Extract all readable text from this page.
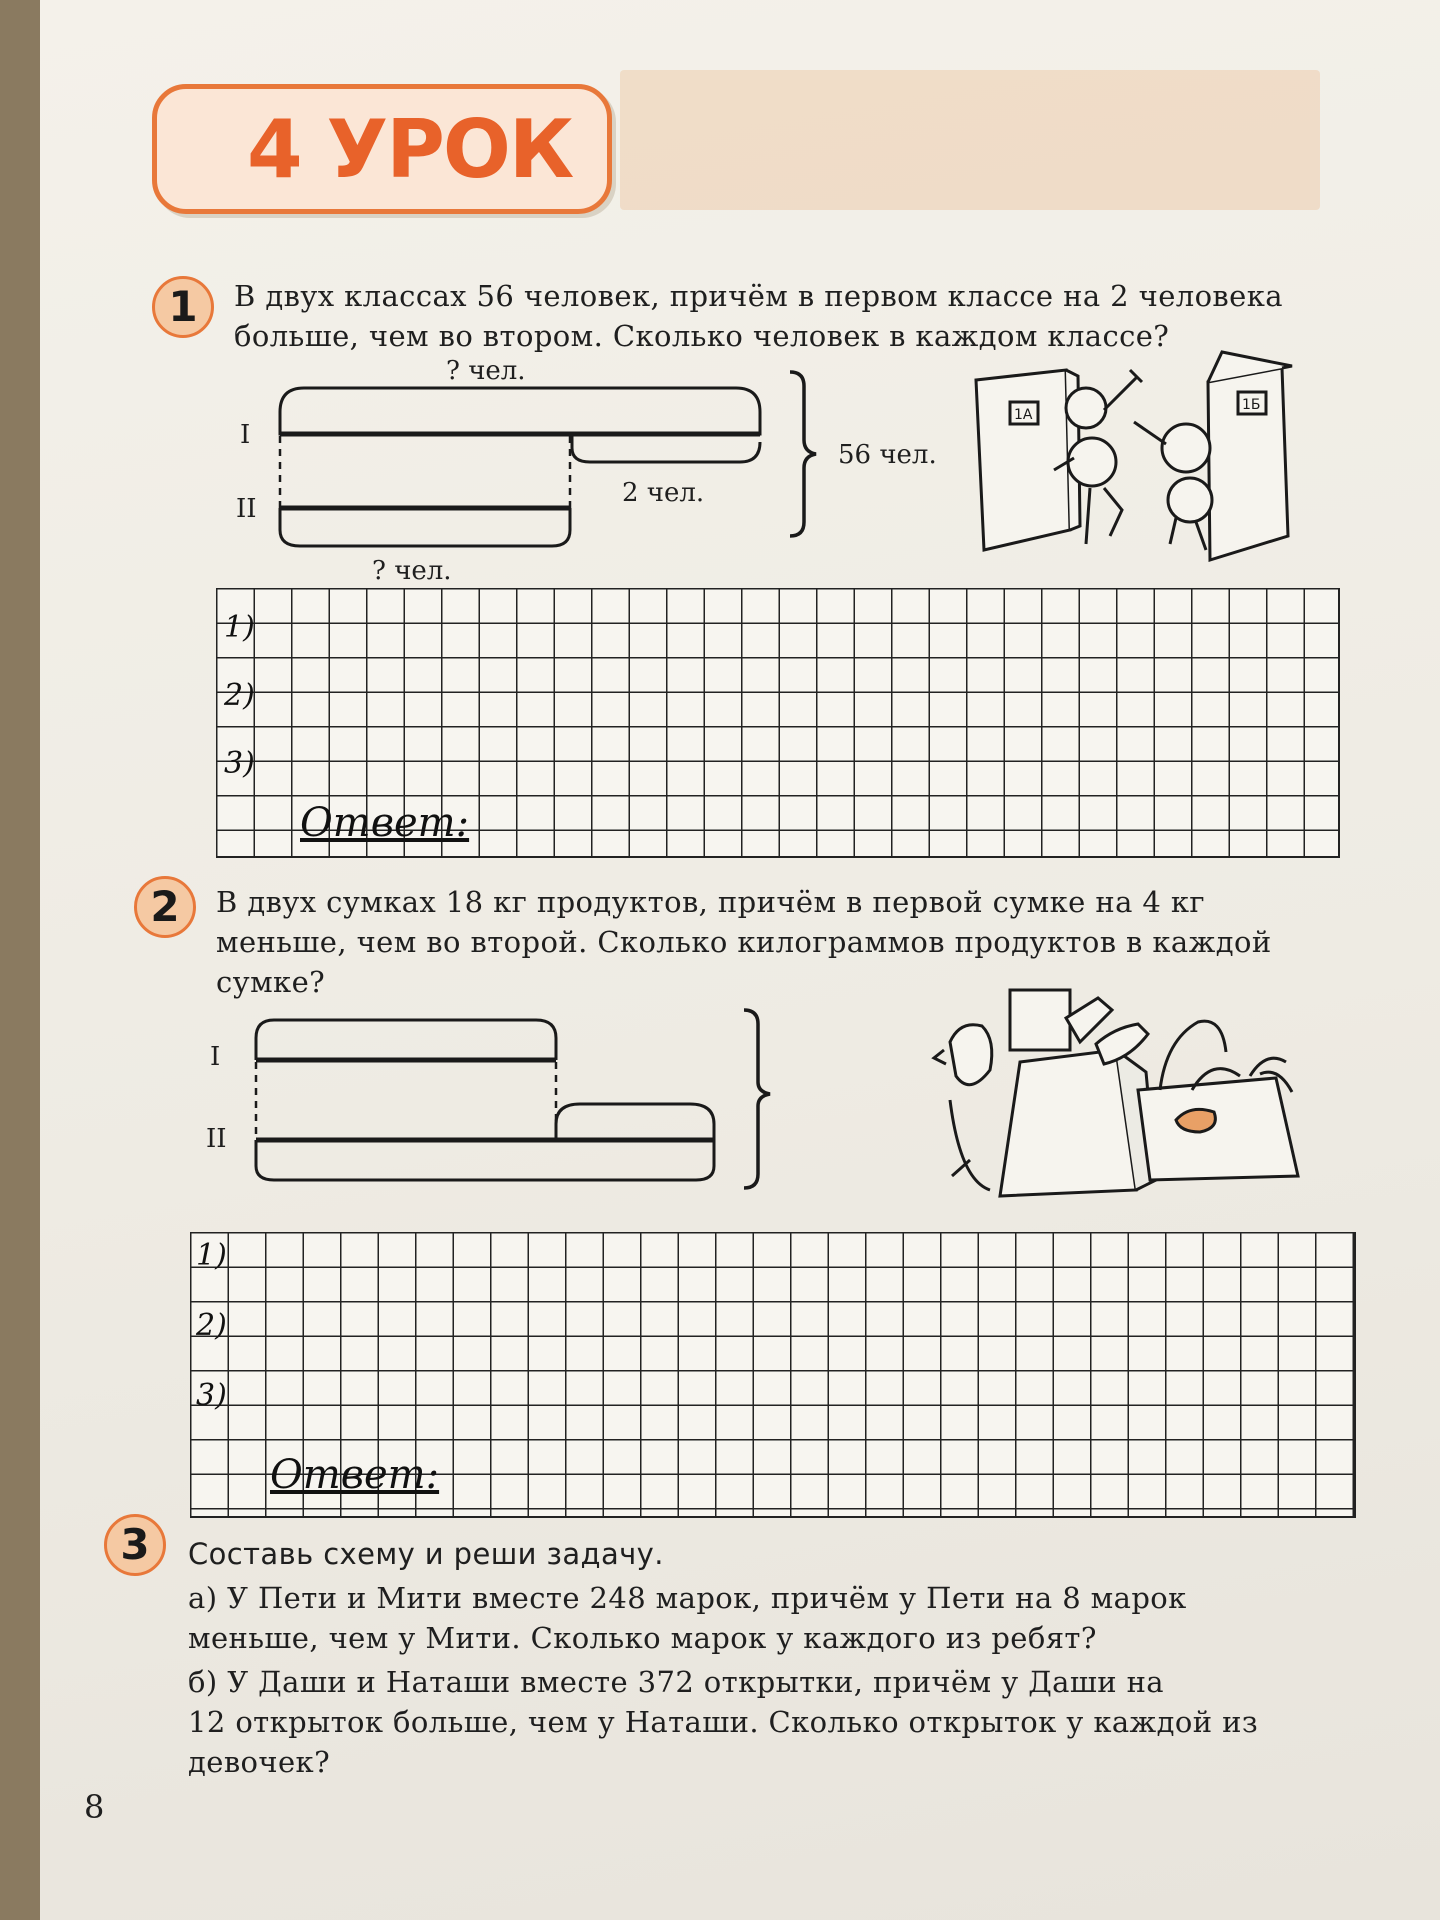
4 УРОК
1	В двух классах 56 человек, причём в первом классе на 2 человека
больше, чем во втором. Сколько человек в каждом классе?
? чел.
I
II
2 чел.
56 чел.
? чел.
1А
1Б
1)
2)
3)
Ответ:
2	В двух сумках 18 кг продуктов, причём в первой сумке на 4 кг
меньше, чем во второй. Сколько килограммов продуктов в каждой
сумке?
I
II
1)
2)
3)
Ответ:
3	Составь схему и реши задачу.
а) У Пети и Мити вместе 248 марок, причём у Пети на 8 марок
меньше, чем у Мити. Сколько марок у каждого из ребят?
б) У Даши и Наташи вместе 372 открытки, причём у Даши на
12 открыток больше, чем у Наташи. Сколько открыток у каждой из
девочек?
8
